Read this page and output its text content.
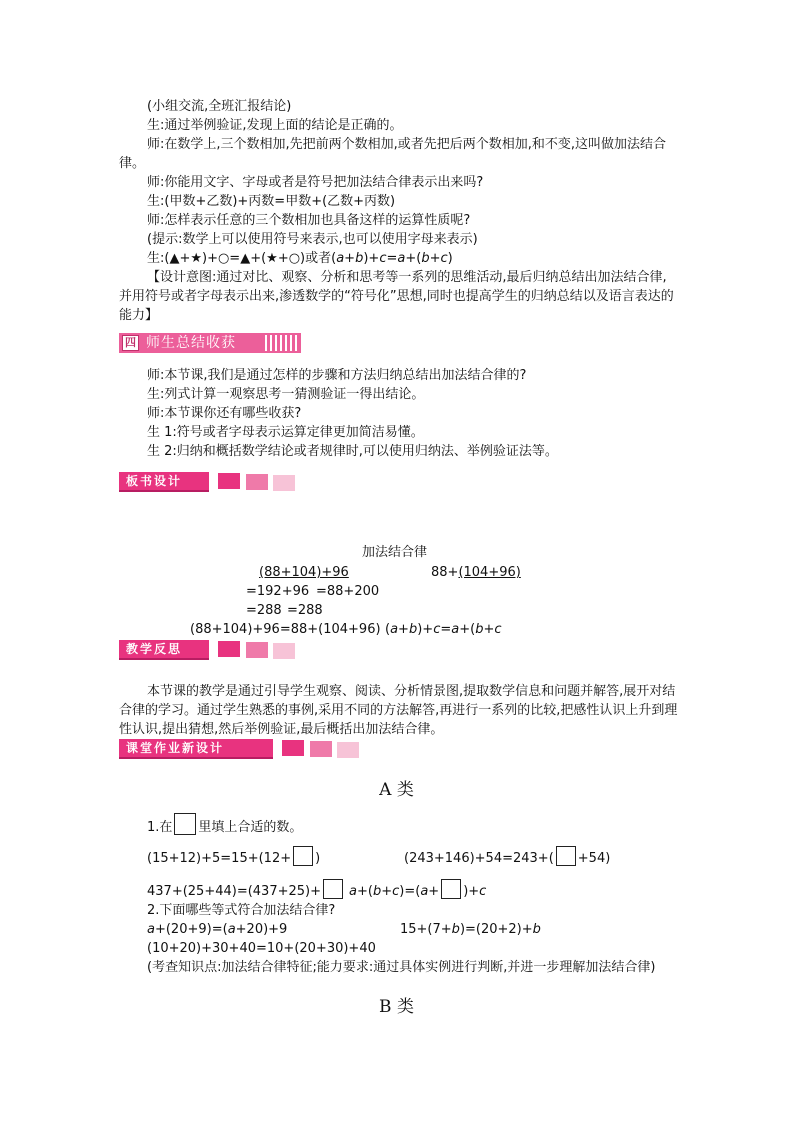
(小组交流,全班汇报结论)
生:通过举例验证,发现上面的结论是正确的。
师:在数学上,三个数相加,先把前两个数相加,或者先把后两个数相加,和不变,这叫做加法结合律。
师:你能用文字、字母或者是符号把加法结合律表示出来吗?
生:(甲数+乙数)+丙数=甲数+(乙数+丙数)
师:怎样表示任意的三个数相加也具备这样的运算性质呢?
(提示:数学上可以使用符号来表示,也可以使用字母来表示)
生:(▲+★)+○=▲+(★+○)或者(a+b)+c=a+(b+c)
【设计意图:通过对比、观察、分析和思考等一系列的思维活动,最后归纳总结出加法结合律,并用符号或者字母表示出来,渗透数学的“符号化”思想,同时也提高学生的归纳总结以及语言表达的能力】
四 师生总结收获
师:本节课,我们是通过怎样的步骤和方法归纳总结出加法结合律的?
生:列式计算一观察思考一猜测验证一得出结论。
师:本节课你还有哪些收获?
生 1:符号或者字母表示运算定律更加简洁易懂。
生 2:归纳和概括数学结论或者规律时,可以使用归纳法、举例验证法等。
板书设计
加法结合律
(88+104)+96	88+(104+96)
=192+96 =88+200
=288 =288
(88+104)+96=88+(104+96) (a+b)+c=a+(b+c
教学反思
本节课的教学是通过引导学生观察、阅读、分析情景图,提取数学信息和问题并解答,展开对结合律的学习。通过学生熟悉的事例,采用不同的方法解答,再进行一系列的比较,把感性认识上升到理性认识,提出猜想,然后举例验证,最后概括出加法结合律。
课堂作业新设计
A 类
1.在 里填上合适的数。
(15+12)+5=15+(12+ )	(243+146)+54=243+( +54)
437+(25+44)=(437+25)+ a+(b+c)=(a+ )+c
2.下面哪些等式符合加法结合律?
a+(20+9)=(a+20)+9	15+(7+b)=(20+2)+b
(10+20)+30+40=10+(20+30)+40
(考查知识点:加法结合律特征;能力要求:通过具体实例进行判断,并进一步理解加法结合律)
B 类
